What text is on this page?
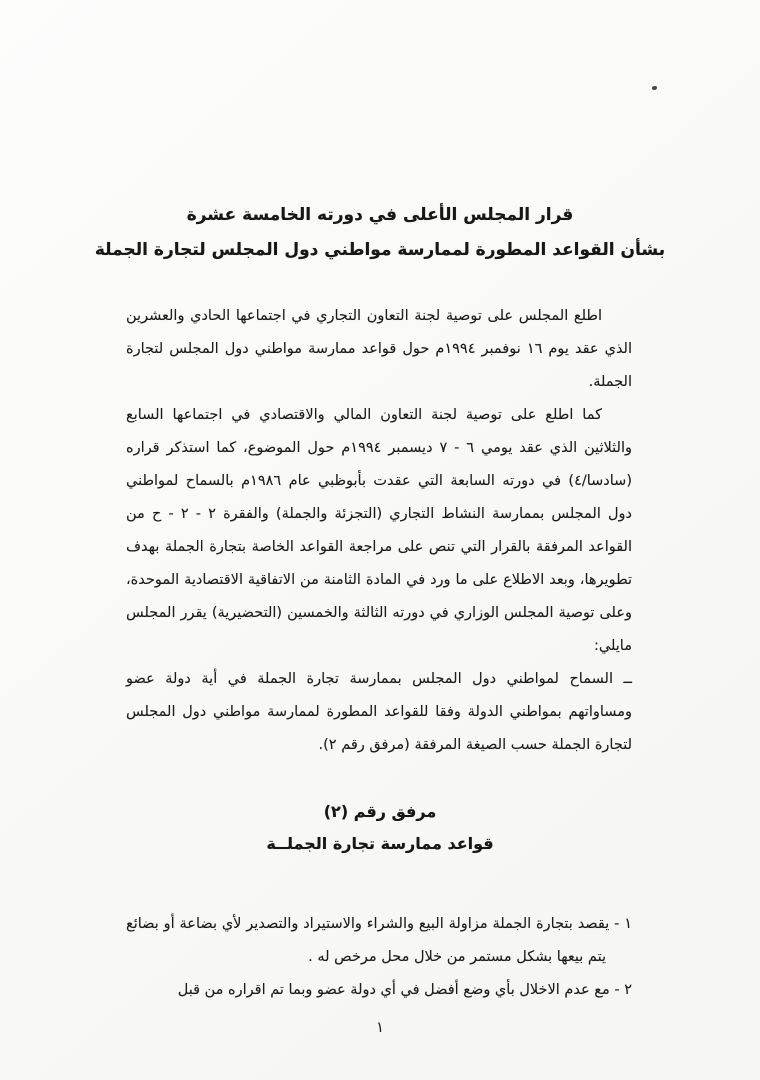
قرار المجلس الأعلى في دورته الخامسة عشرة

بشأن القواعد المطورة لممارسة مواطني دول المجلس لتجارة الجملة

اطلع المجلس على توصية لجنة التعاون التجاري في اجتماعها الحادي والعشرين الذي عقد يوم ١٦ نوفمبر ١٩٩٤م حول قواعد ممارسة مواطني دول المجلس لتجارة الجملة.

كما اطلع على توصية لجنة التعاون المالي والاقتصادي في اجتماعها السابع والثلاثين الذي عقد يومي ٦ - ٧ ديسمبر ١٩٩٤م حول الموضوع، كما استذكر قراره (سادسا/٤) في دورته السابعة التي عقدت بأبوظبي عام ١٩٨٦م بالسماح لمواطني دول المجلس بممارسة النشاط التجاري (التجزئة والجملة) والفقرة ٢ - ٢ - ح من القواعد المرفقة بالقرار التي تنص على مراجعة القواعد الخاصة بتجارة الجملة بهدف تطويرها، وبعد الاطلاع على ما ورد في المادة الثامنة من الاتفاقية الاقتصادية الموحدة، وعلى توصية المجلس الوزاري في دورته الثالثة والخمسين (التحضيرية) يقرر المجلس مايلي:

ــ السماح لمواطني دول المجلس بممارسة تجارة الجملة في أية دولة عضو ومساواتهم بمواطني الدولة وفقا للقواعد المطورة لممارسة مواطني دول المجلس لتجارة الجملة حسب الصيغة المرفقة (مرفق رقم ٢).

مرفق رقم (٢)

قواعد ممارسة تجارة الجملــة

١ - يقصد بتجارة الجملة مزاولة البيع والشراء والاستيراد والتصدير لأي بضاعة أو بضائع يتم بيعها بشكل مستمر من خلال محل مرخص له .

٢ - مع عدم الاخلال بأي وضع أفضل في أي دولة عضو وبما تم اقراره من قبل

١
